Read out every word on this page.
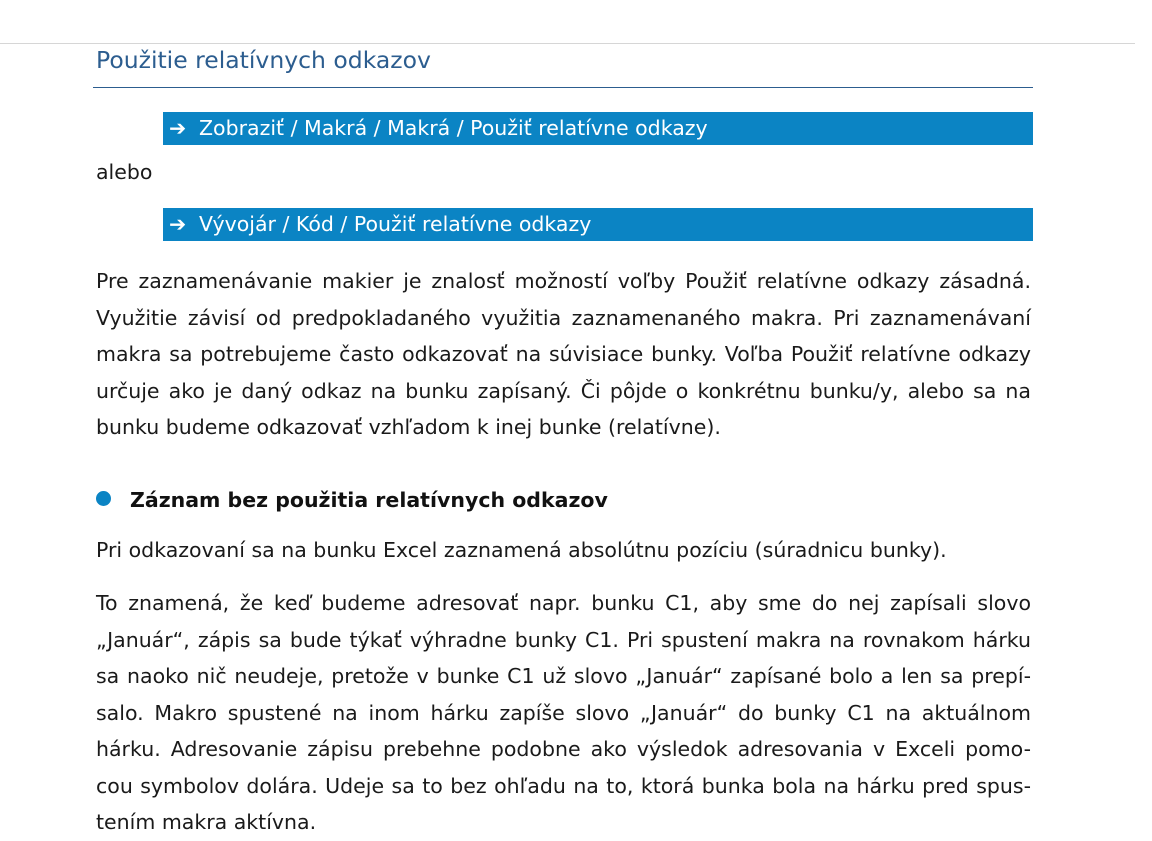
Použitie relatívnych odkazov
➔ Zobraziť / Makrá / Makrá / Použiť relatívne odkazy
alebo
➔ Vývojár / Kód / Použiť relatívne odkazy
Pre zaznamenávanie makier je znalosť možností voľby Použiť relatívne odkazy zásadná.
Využitie závisí od predpokladaného využitia zaznamenaného makra. Pri zaznamenávaní
makra sa potrebujeme často odkazovať na súvisiace bunky. Voľba Použiť relatívne odkazy
určuje ako je daný odkaz na bunku zapísaný. Či pôjde o konkrétnu bunku/y, alebo sa na
bunku budeme odkazovať vzhľadom k inej bunke (relatívne).
Záznam bez použitia relatívnych odkazov
Pri odkazovaní sa na bunku Excel zaznamená absolútnu pozíciu (súradnicu bunky).
To znamená, že keď budeme adresovať napr. bunku C1, aby sme do nej zapísali slovo
„Január“, zápis sa bude týkať výhradne bunky C1. Pri spustení makra na rovnakom hárku
sa naoko nič neudeje, pretože v bunke C1 už slovo „Január“ zapísané bolo a len sa prepí-
salo. Makro spustené na inom hárku zapíše slovo „Január“ do bunky C1 na aktuálnom
hárku. Adresovanie zápisu prebehne podobne ako výsledok adresovania v Exceli pomo-
cou symbolov dolára. Udeje sa to bez ohľadu na to, ktorá bunka bola na hárku pred spus-
tením makra aktívna.
